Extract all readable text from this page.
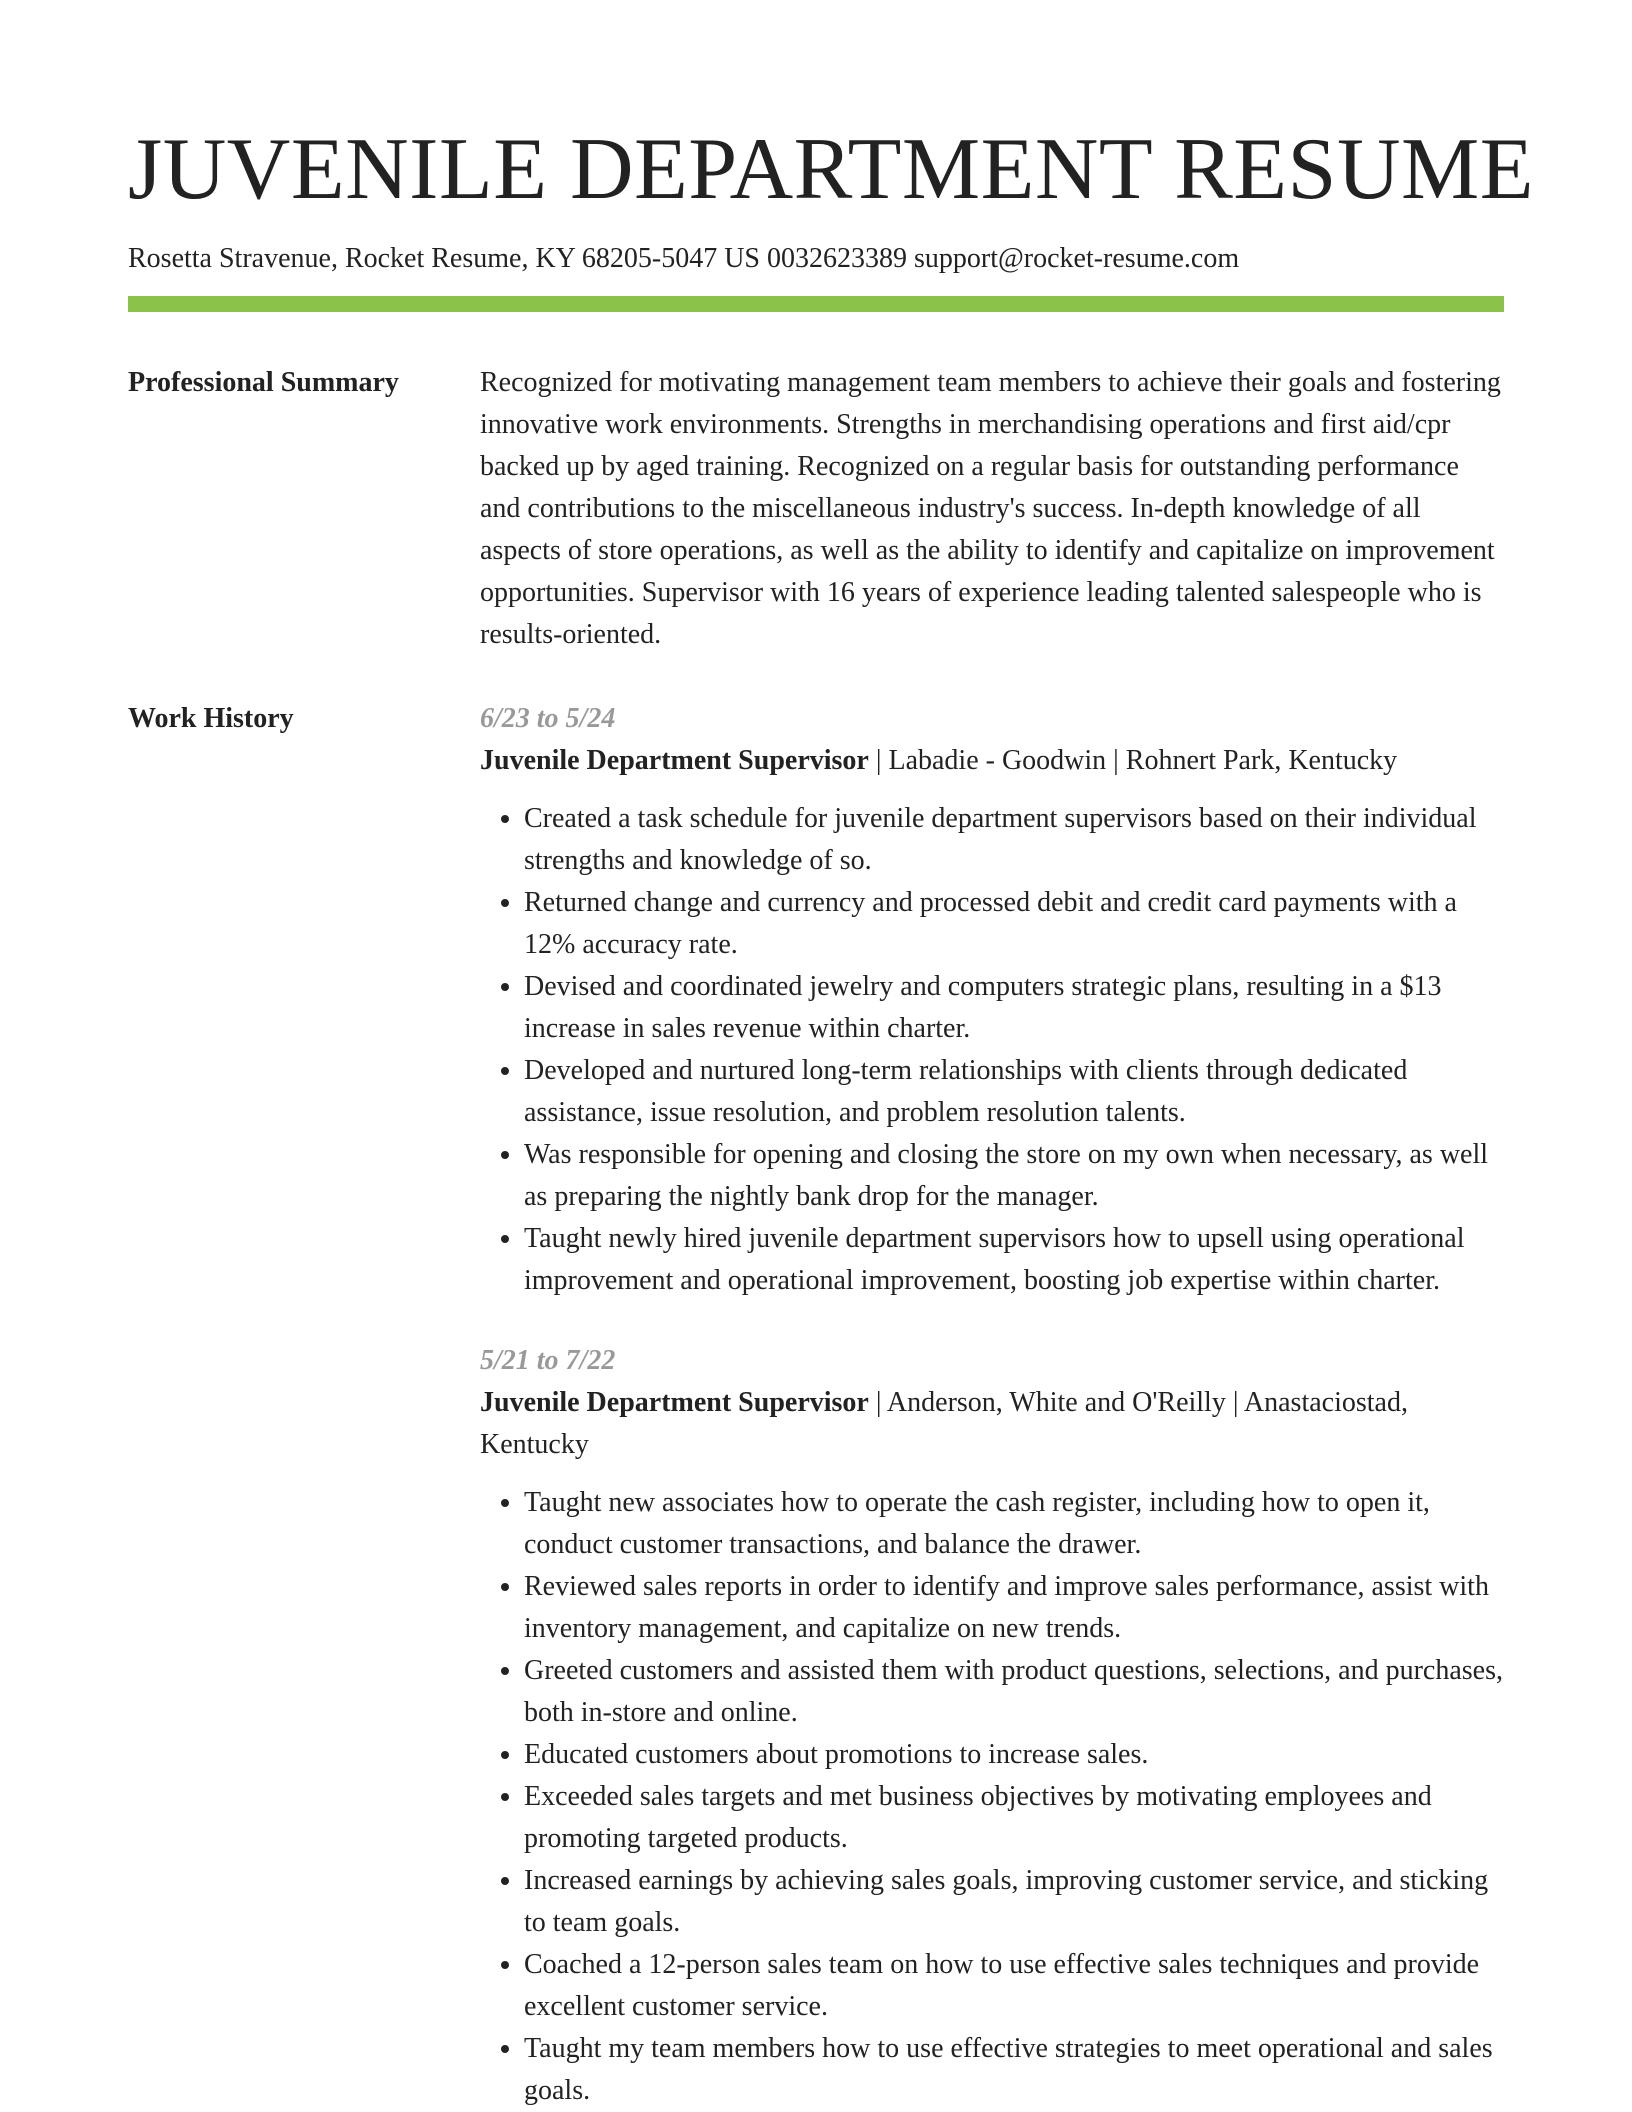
JUVENILE DEPARTMENT RESUME
Rosetta Stravenue, Rocket Resume, KY 68205-5047 US 0032623389 support@rocket-resume.com
Professional Summary	Recognized for motivating management team members to achieve their goals and fostering innovative work environments. Strengths in merchandising operations and first aid/cpr backed up by aged training. Recognized on a regular basis for outstanding performance and contributions to the miscellaneous industry's success. In-depth knowledge of all aspects of store operations, as well as the ability to identify and capitalize on improvement opportunities. Supervisor with 16 years of experience leading talented salespeople who is results-oriented.

Work History	6/23 to 5/24
Juvenile Department Supervisor | Labadie - Goodwin | Rohnert Park, Kentucky
• Created a task schedule for juvenile department supervisors based on their individual strengths and knowledge of so.
• Returned change and currency and processed debit and credit card payments with a 12% accuracy rate.
• Devised and coordinated jewelry and computers strategic plans, resulting in a $13 increase in sales revenue within charter.
• Developed and nurtured long-term relationships with clients through dedicated assistance, issue resolution, and problem resolution talents.
• Was responsible for opening and closing the store on my own when necessary, as well as preparing the nightly bank drop for the manager.
• Taught newly hired juvenile department supervisors how to upsell using operational improvement and operational improvement, boosting job expertise within charter.
5/21 to 7/22
Juvenile Department Supervisor | Anderson, White and O'Reilly | Anastaciostad, Kentucky
• Taught new associates how to operate the cash register, including how to open it, conduct customer transactions, and balance the drawer.
• Reviewed sales reports in order to identify and improve sales performance, assist with inventory management, and capitalize on new trends.
• Greeted customers and assisted them with product questions, selections, and purchases, both in-store and online.
• Educated customers about promotions to increase sales.
• Exceeded sales targets and met business objectives by motivating employees and promoting targeted products.
• Increased earnings by achieving sales goals, improving customer service, and sticking to team goals.
• Coached a 12-person sales team on how to use effective sales techniques and provide excellent customer service.
• Taught my team members how to use effective strategies to meet operational and sales goals.
